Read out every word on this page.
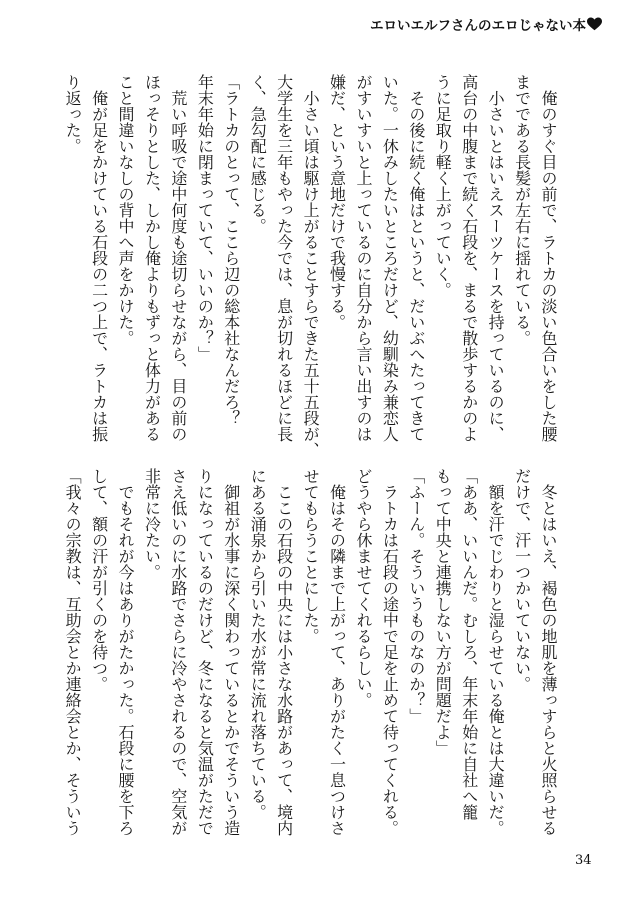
エロいエルフさんのエロじゃない本
　俺のすぐ目の前で、ラトカの淡い色合いをした腰
までである長髪が左右に揺れている。
　小さいとはいえスーツケースを持っているのに、
高台の中腹まで続く石段を、まるで散歩するかのよ
うに足取り軽く上がっていく。
　その後に続く俺はというと、だいぶへたってきて
いた。一休みしたいところだけど、幼馴染み兼恋人
がすいすいと上っているのに自分から言い出すのは
嫌だ、という意地だけで我慢する。
　小さい頃は駆け上がることすらできた五十五段が、
大学生を三年もやった今では、息が切れるほどに長
く、急勾配に感じる。
「ラトカのとって、ここら辺の総本社なんだろ？
年末年始に閉まっていて、いいのか？」
　荒い呼吸で途中何度も途切らせながら、目の前の
ほっそりとした、しかし俺よりもずっと体力がある
こと間違いなしの背中へ声をかけた。
　俺が足をかけている石段の二つ上で、ラトカは振
り返った。
　冬とはいえ、褐色の地肌を薄っすらと火照らせる
だけで、汗一つかいていない。
　額を汗でじわりと湿らせている俺とは大違いだ。
「ああ、いいんだ。むしろ、年末年始に自社へ籠
もって中央と連携しない方が問題だよ」
「ふーん。そういうものなのか？」
　ラトカは石段の途中で足を止めて待ってくれる。
どうやら休ませてくれるらしい。
　俺はその隣まで上がって、ありがたく一息つけさ
せてもらうことにした。
　ここの石段の中央には小さな水路があって、境内
にある涌泉から引いた水が常に流れ落ちている。
　御祖が水事に深く関わっているとかでそういう造
りになっているのだけど、冬になると気温がただで
さえ低いのに水路でさらに冷やされるので、空気が
非常に冷たい。
　でもそれが今はありがたかった。石段に腰を下ろ
して、額の汗が引くのを待つ。
「我々の宗教は、互助会とか連絡会とか、そういう
34
